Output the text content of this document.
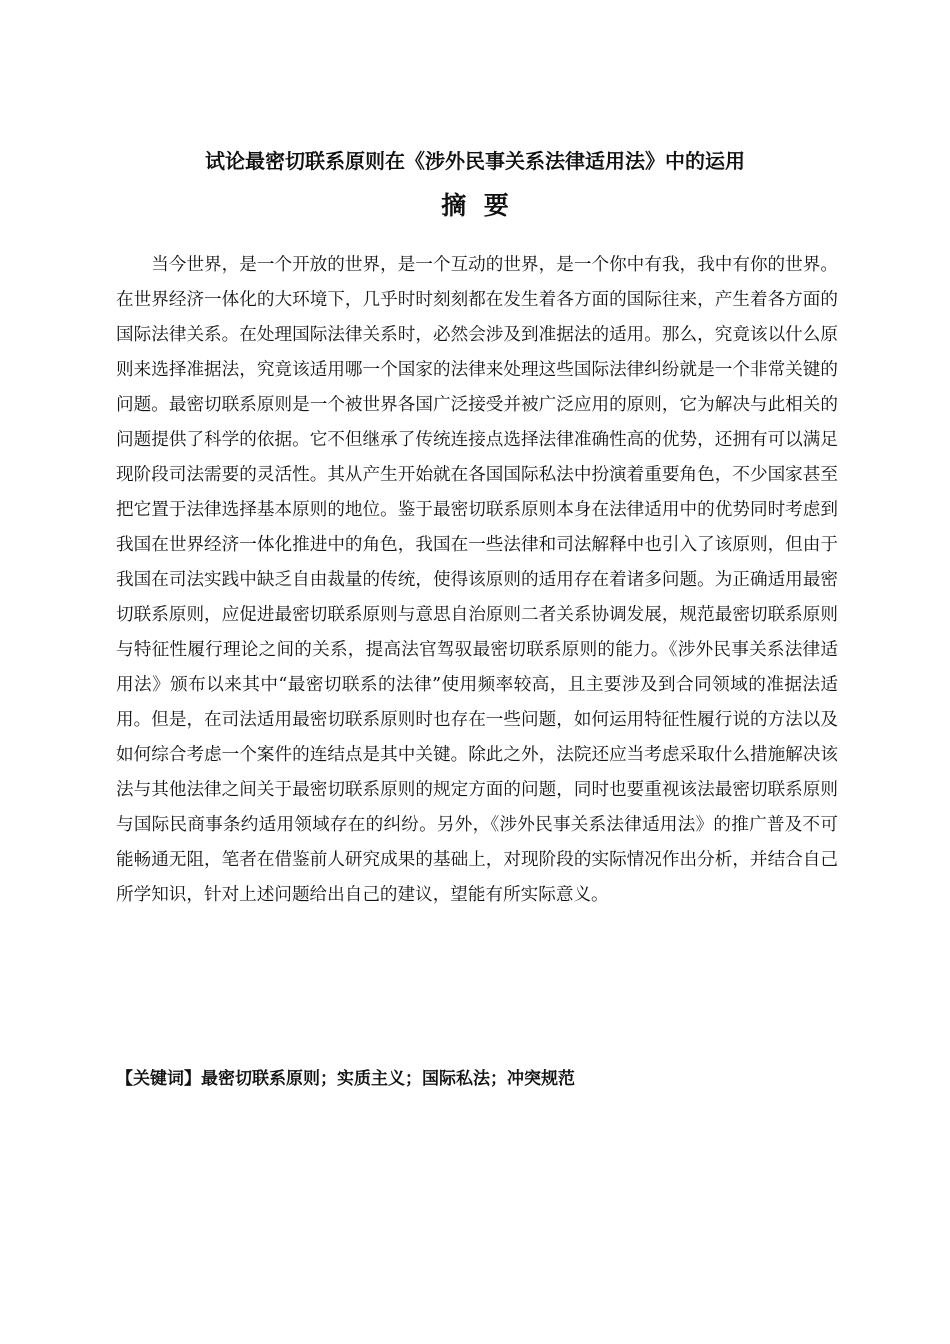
试论最密切联系原则在《涉外民事关系法律适用法》中的运用
摘  要

当今世界，是一个开放的世界，是一个互动的世界，是一个你中有我，我中有你的世界。在世界经济一体化的大环境下，几乎时时刻刻都在发生着各方面的国际往来，产生着各方面的国际法律关系。在处理国际法律关系时，必然会涉及到准据法的适用。那么，究竟该以什么原则来选择准据法，究竟该适用哪一个国家的法律来处理这些国际法律纠纷就是一个非常关键的问题。最密切联系原则是一个被世界各国广泛接受并被广泛应用的原则，它为解决与此相关的问题提供了科学的依据。它不但继承了传统连接点选择法律准确性高的优势，还拥有可以满足现阶段司法需要的灵活性。其从产生开始就在各国国际私法中扮演着重要角色，不少国家甚至把它置于法律选择基本原则的地位。鉴于最密切联系原则本身在法律适用中的优势同时考虑到我国在世界经济一体化推进中的角色，我国在一些法律和司法解释中也引入了该原则，但由于我国在司法实践中缺乏自由裁量的传统，使得该原则的适用存在着诸多问题。为正确适用最密切联系原则，应促进最密切联系原则与意思自治原则二者关系协调发展，规范最密切联系原则与特征性履行理论之间的关系，提高法官驾驭最密切联系原则的能力。《涉外民事关系法律适用法》颁布以来其中“最密切联系的法律”使用频率较高，且主要涉及到合同领域的准据法适用。但是，在司法适用最密切联系原则时也存在一些问题，如何运用特征性履行说的方法以及如何综合考虑一个案件的连结点是其中关键。除此之外，法院还应当考虑采取什么措施解决该法与其他法律之间关于最密切联系原则的规定方面的问题，同时也要重视该法最密切联系原则与国际民商事条约适用领域存在的纠纷。另外，《涉外民事关系法律适用法》的推广普及不可能畅通无阻，笔者在借鉴前人研究成果的基础上，对现阶段的实际情况作出分析，并结合自己所学知识，针对上述问题给出自己的建议，望能有所实际意义。

【关键词】最密切联系原则；实质主义；国际私法；冲突规范
